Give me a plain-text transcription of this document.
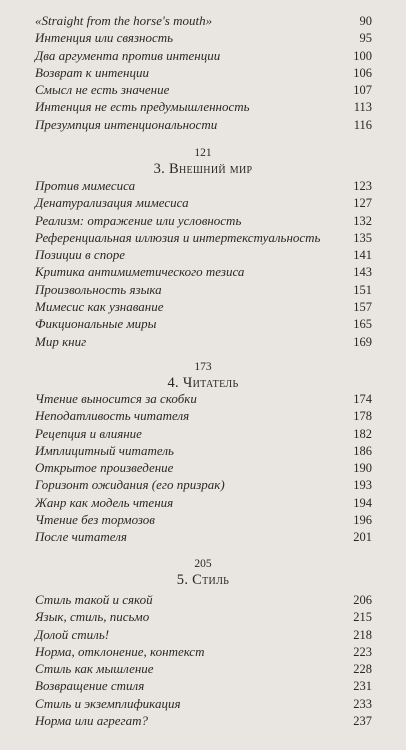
«Straight from the horse's mouth»	90
Интенция или связность	95
Два аргумента против интенции	100
Возврат к интенции	106
Смысл не есть значение	107
Интенция не есть предумышленность	113
Презумпция интенциональности	116
121
3. Внешний мир
Против мимесиса	123
Денатурализация мимесиса	127
Реализм: отражение или условность	132
Референциальная иллюзия и интертекстуальность	135
Позиции в споре	141
Критика антимиметического тезиса	143
Произвольность языка	151
Мимесис как узнавание	157
Фикциональные миры	165
Мир книг	169
173
4. Читатель
Чтение выносится за скобки	174
Неподатливость читателя	178
Рецепция и влияние	182
Имплицитный читатель	186
Открытое произведение	190
Горизонт ожидания (его призрак)	193
Жанр как модель чтения	194
Чтение без тормозов	196
После читателя	201
205
5. Стиль
Стиль такой и сякой	206
Язык, стиль, письмо	215
Долой стиль!	218
Норма, отклонение, контекст	223
Стиль как мышление	228
Возвращение стиля	231
Стиль и экземплификация	233
Норма или агрегат?	237
